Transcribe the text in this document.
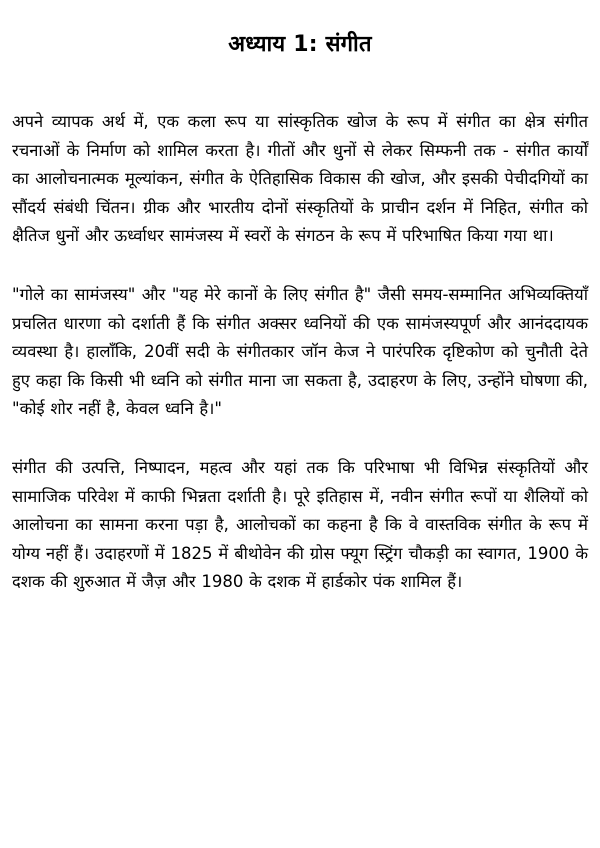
अध्याय 1: संगीत

अपने व्यापक अर्थ में, एक कला रूप या सांस्कृतिक खोज के रूप में संगीत का क्षेत्र संगीत रचनाओं के निर्माण को शामिल करता है। गीतों और धुनों से लेकर सिम्फनी तक - संगीत कार्यों का आलोचनात्मक मूल्यांकन, संगीत के ऐतिहासिक विकास की खोज, और इसकी पेचीदगियों का सौंदर्य संबंधी चिंतन। ग्रीक और भारतीय दोनों संस्कृतियों के प्राचीन दर्शन में निहित, संगीत को क्षैतिज धुनों और ऊर्ध्वाधर सामंजस्य में स्वरों के संगठन के रूप में परिभाषित किया गया था।

"गोले का सामंजस्य" और "यह मेरे कानों के लिए संगीत है" जैसी समय-सम्मानित अभिव्यक्तियाँ प्रचलित धारणा को दर्शाती हैं कि संगीत अक्सर ध्वनियों की एक सामंजस्यपूर्ण और आनंददायक व्यवस्था है। हालाँकि, 20वीं सदी के संगीतकार जॉन केज ने पारंपरिक दृष्टिकोण को चुनौती देते हुए कहा कि किसी भी ध्वनि को संगीत माना जा सकता है, उदाहरण के लिए, उन्होंने घोषणा की, "कोई शोर नहीं है, केवल ध्वनि है।"

संगीत की उत्पत्ति, निष्पादन, महत्व और यहां तक कि परिभाषा भी विभिन्न संस्कृतियों और सामाजिक परिवेश में काफी भिन्नता दर्शाती है। पूरे इतिहास में, नवीन संगीत रूपों या शैलियों को आलोचना का सामना करना पड़ा है, आलोचकों का कहना है कि वे वास्तविक संगीत के रूप में योग्य नहीं हैं। उदाहरणों में 1825 में बीथोवेन की ग्रोस फ्यूग स्ट्रिंग चौकड़ी का स्वागत, 1900 के दशक की शुरुआत में जैज़ और 1980 के दशक में हार्डकोर पंक शामिल हैं।
